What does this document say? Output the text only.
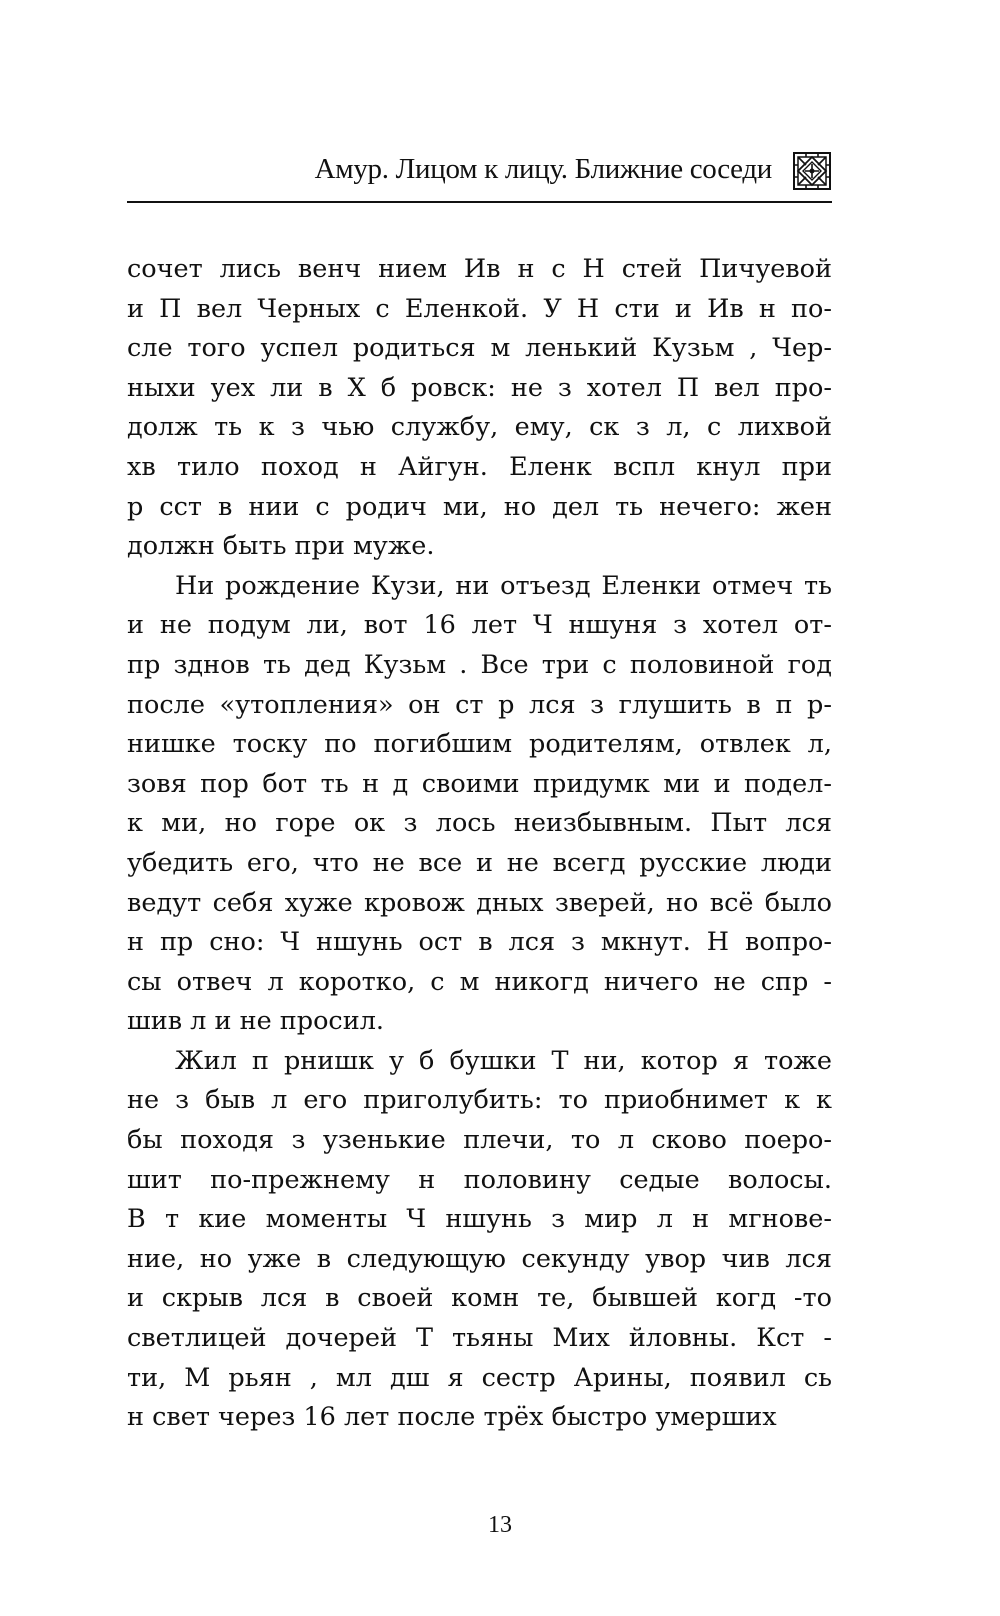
Амур. Лицом к лицу. Ближние соседи
сочет лись венч нием Ив н с Н стей Пичуевой
и П вел Черных с Еленкой. У Н сти и Ив н по-
сле того успел родиться м ленький Кузьм , Чер-
ныхи уех ли в Х б ровск: не з хотел П вел про-
долж ть к з чью службу, ему, ск з л, с лихвой
хв тило поход н Айгун. Еленк вспл кнул при
р сст в нии с родич ми, но дел ть нечего: жен
должн быть при муже.
Ни рождение Кузи, ни отъезд Еленки отмеч ть
и не подум ли, вот 16 лет Ч ншуня з хотел от-
пр зднов ть дед Кузьм . Все три с половиной год
после «утопления» он ст р лся з глушить в п р-
нишке тоску по погибшим родителям, отвлек л,
зовя пор бот ть н д своими придумк ми и подел-
к ми, но горе ок з лось неизбывным. Пыт лся
убедить его, что не все и не всегд русские люди
ведут себя хуже кровож дных зверей, но всё было
н пр сно: Ч ншунь ост в лся з мкнут. Н вопро-
сы отвеч л коротко, с м никогд ничего не спр -
шив л и не просил.
Жил п рнишк у б бушки Т ни, котор я тоже
не з быв л его приголубить: то приобнимет к к
бы походя з узенькие плечи, то л сково поеро-
шит по-прежнему н половину седые волосы.
В т кие моменты Ч ншунь з мир л н мгнове-
ние, но уже в следующую секунду увор чив лся
и скрыв лся в своей комн те, бывшей когд -то
светлицей дочерей Т тьяны Мих йловны. Кст -
ти, М рьян , мл дш я сестр Арины, появил сь
н свет через 16 лет после трёх быстро умерших
13
